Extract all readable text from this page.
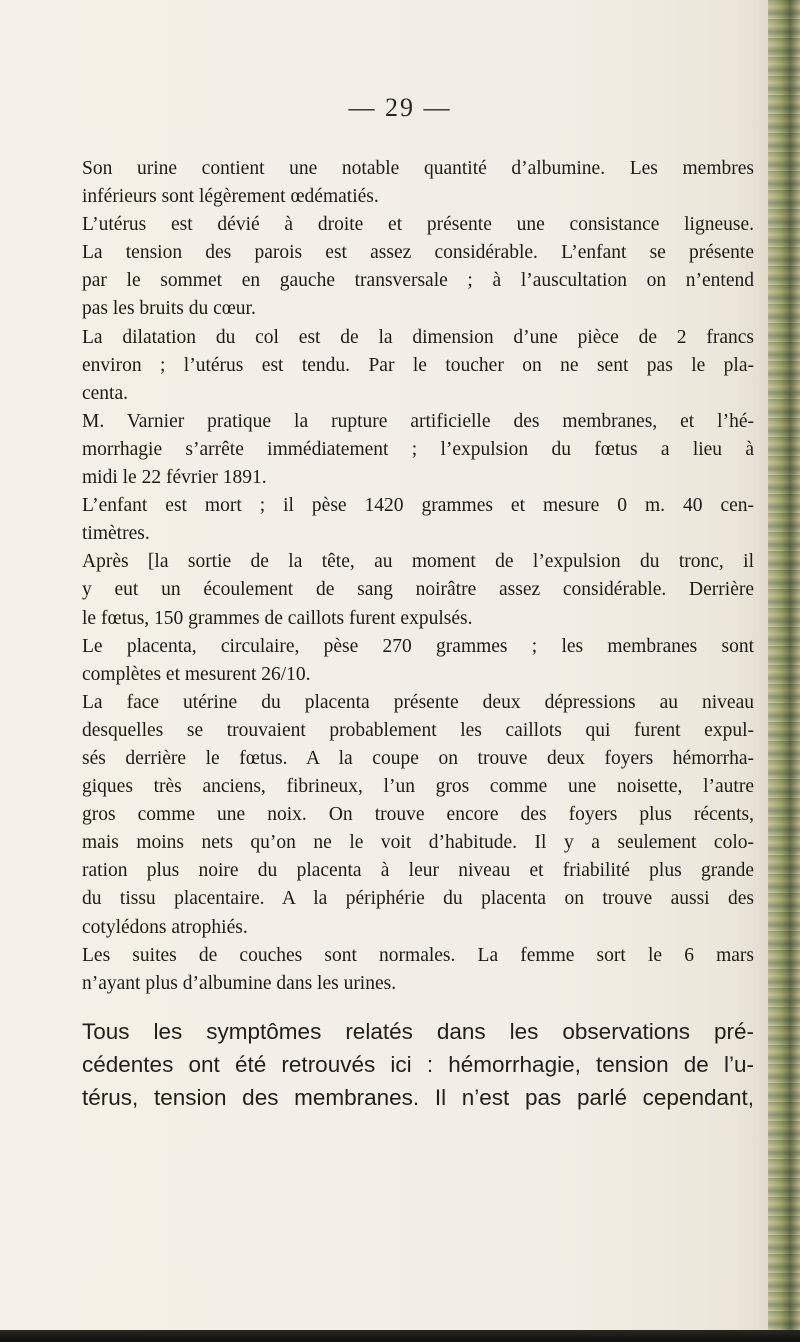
— 29 —
Son urine contient une notable quantité d’albumine. Les membres
inférieurs sont légèrement œdématiés.
L’utérus est dévié à droite et présente une consistance ligneuse.
La tension des parois est assez considérable. L’enfant se présente
par le sommet en gauche transversale ; à l’auscultation on n’entend
pas les bruits du cœur.
La dilatation du col est de la dimension d’une pièce de 2 francs
environ ; l’utérus est tendu. Par le toucher on ne sent pas le pla-
centa.
M. Varnier pratique la rupture artificielle des membranes, et l’hé-
morrhagie s’arrête immédiatement ; l’expulsion du fœtus a lieu à
midi le 22 février 1891.
L’enfant est mort ; il pèse 1420 grammes et mesure 0 m. 40 cen-
timètres.
Après [la sortie de la tête, au moment de l’expulsion du tronc, il
y eut un écoulement de sang noirâtre assez considérable. Derrière
le fœtus, 150 grammes de caillots furent expulsés.
Le placenta, circulaire, pèse 270 grammes ; les membranes sont
complètes et mesurent 26/10.
La face utérine du placenta présente deux dépressions au niveau
desquelles se trouvaient probablement les caillots qui furent expul-
sés derrière le fœtus. A la coupe on trouve deux foyers hémorrha-
giques très anciens, fibrineux, l’un gros comme une noisette, l’autre
gros comme une noix. On trouve encore des foyers plus récents,
mais moins nets qu’on ne le voit d’habitude. Il y a seulement colo-
ration plus noire du placenta à leur niveau et friabilité plus grande
du tissu placentaire. A la périphérie du placenta on trouve aussi des
cotylédons atrophiés.
Les suites de couches sont normales. La femme sort le 6 mars
n’ayant plus d’albumine dans les urines.
Tous les symptômes relatés dans les observations pré-
cédentes ont été retrouvés ici : hémorrhagie, tension de l’u-
térus, tension des membranes. Il n’est pas parlé cependant,
